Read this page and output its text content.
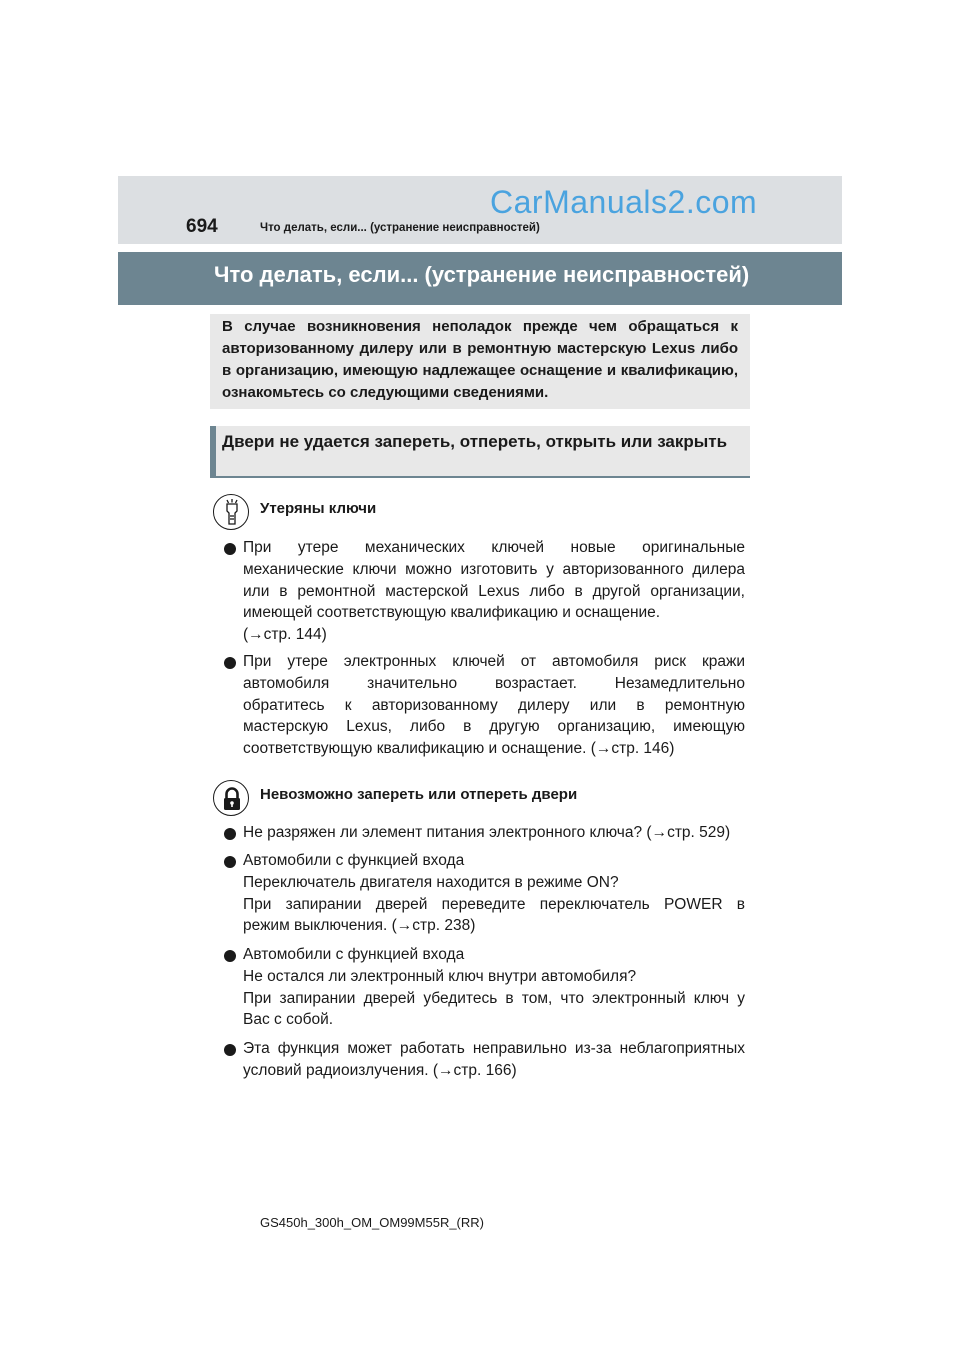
CarManuals2.com
694	Что делать, если... (устранение неисправностей)
Что делать, если... (устранение неисправностей)
В случае возникновения неполадок прежде чем обращаться к авторизованному дилеру или в ремонтную мастерскую Lexus либо в организацию, имеющую надлежащее оснащение и квалификацию, ознакомьтесь со следующими сведениями.
Двери не удается запереть, отпереть, открыть или закрыть
Утеряны ключи
При утере механических ключей новые оригинальные
механические ключи можно изготовить у авторизованного дилера
или в ремонтной мастерской Lexus либо в другой организации,
имеющей соответствующую квалификацию и оснащение.
(→стр. 144)
При утере электронных ключей от автомобиля риск кражи
автомобиля значительно возрастает. Незамедлительно
обратитесь к авторизованному дилеру или в ремонтную
мастерскую Lexus, либо в другую организацию, имеющую
соответствующую квалификацию и оснащение. (→стр. 146)
Невозможно запереть или отпереть двери
Не разряжен ли элемент питания электронного ключа? (→стр. 529)
Автомобили с функцией входа
Переключатель двигателя находится в режиме ON?
При запирании дверей переведите переключатель POWER в
режим выключения. (→стр. 238)
Автомобили с функцией входа
Не остался ли электронный ключ внутри автомобиля?
При запирании дверей убедитесь в том, что электронный ключ у
Вас с собой.
Эта функция может работать неправильно из-за неблагоприятных
условий радиоизлучения. (→стр. 166)
GS450h_300h_OM_OM99M55R_(RR)
